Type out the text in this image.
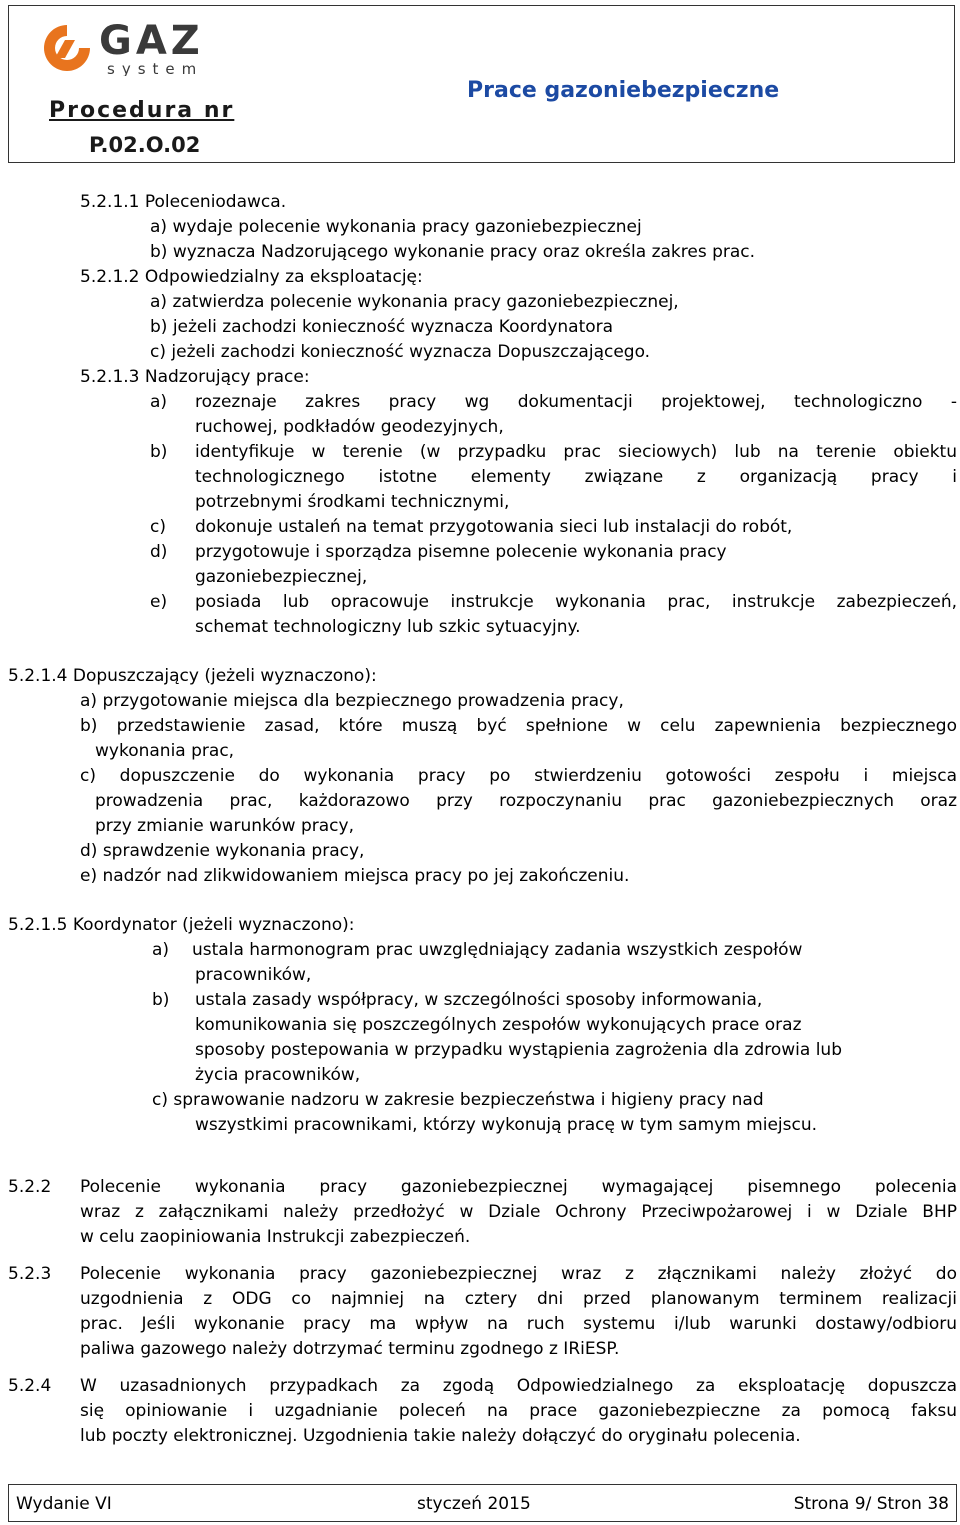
GAZ
system
Procedura nr
P.02.O.02
Prace gazoniebezpieczne
5.2.1.1 Poleceniodawca.
a) wydaje polecenie wykonania pracy gazoniebezpiecznej
b) wyznacza Nadzorującego wykonanie pracy oraz określa zakres prac.
5.2.1.2 Odpowiedzialny za eksploatację:
a) zatwierdza polecenie wykonania pracy gazoniebezpiecznej,
b) jeżeli zachodzi konieczność wyznacza Koordynatora
c) jeżeli zachodzi konieczność wyznacza Dopuszczającego.
5.2.1.3 Nadzorujący prace:
a) rozeznaje zakres pracy wg dokumentacji projektowej, technologiczno -
ruchowej, podkładów geodezyjnych,
b) identyfikuje w terenie (w przypadku prac sieciowych) lub na terenie obiektu
technologicznego istotne elementy związane z organizacją pracy i
potrzebnymi środkami technicznymi,
c) dokonuje ustaleń na temat przygotowania sieci lub instalacji do robót,
d) przygotowuje i sporządza pisemne polecenie wykonania pracy
gazoniebezpiecznej,
e) posiada lub opracowuje instrukcje wykonania prac, instrukcje zabezpieczeń,
schemat technologiczny lub szkic sytuacyjny.
5.2.1.4 Dopuszczający (jeżeli wyznaczono):
a) przygotowanie miejsca dla bezpiecznego prowadzenia pracy,
b) przedstawienie zasad, które muszą być spełnione w celu zapewnienia bezpiecznego
wykonania prac,
c) dopuszczenie do wykonania pracy po stwierdzeniu gotowości zespołu i miejsca
prowadzenia prac, każdorazowo przy rozpoczynaniu prac gazoniebezpiecznych oraz
przy zmianie warunków pracy,
d) sprawdzenie wykonania pracy,
e) nadzór nad zlikwidowaniem miejsca pracy po jej zakończeniu.
5.2.1.5 Koordynator (jeżeli wyznaczono):
a) ustala harmonogram prac uwzględniający zadania wszystkich zespołów
pracowników,
b) ustala zasady współpracy, w szczególności sposoby informowania,
komunikowania się poszczególnych zespołów wykonujących prace oraz
sposoby postepowania w przypadku wystąpienia zagrożenia dla zdrowia lub
życia pracowników,
c) sprawowanie nadzoru w zakresie bezpieczeństwa i higieny pracy nad
wszystkimi pracownikami, którzy wykonują pracę w tym samym miejscu.
5.2.2 Polecenie wykonania pracy gazoniebezpiecznej wymagającej pisemnego polecenia
wraz z załącznikami należy przedłożyć w Dziale Ochrony Przeciwpożarowej i w Dziale BHP
w celu zaopiniowania Instrukcji zabezpieczeń.
5.2.3 Polecenie wykonania pracy gazoniebezpiecznej wraz z złącznikami należy złożyć do
uzgodnienia z ODG co najmniej na cztery dni przed planowanym terminem realizacji
prac. Jeśli wykonanie pracy ma wpływ na ruch systemu i/lub warunki dostawy/odbioru
paliwa gazowego należy dotrzymać terminu zgodnego z IRiESP.
5.2.4 W uzasadnionych przypadkach za zgodą Odpowiedzialnego za eksploatację dopuszcza
się opiniowanie i uzgadnianie poleceń na prace gazoniebezpieczne za pomocą faksu
lub poczty elektronicznej. Uzgodnienia takie należy dołączyć do oryginału polecenia.
Wydanie VI	styczeń 2015	Strona 9/ Stron 38
